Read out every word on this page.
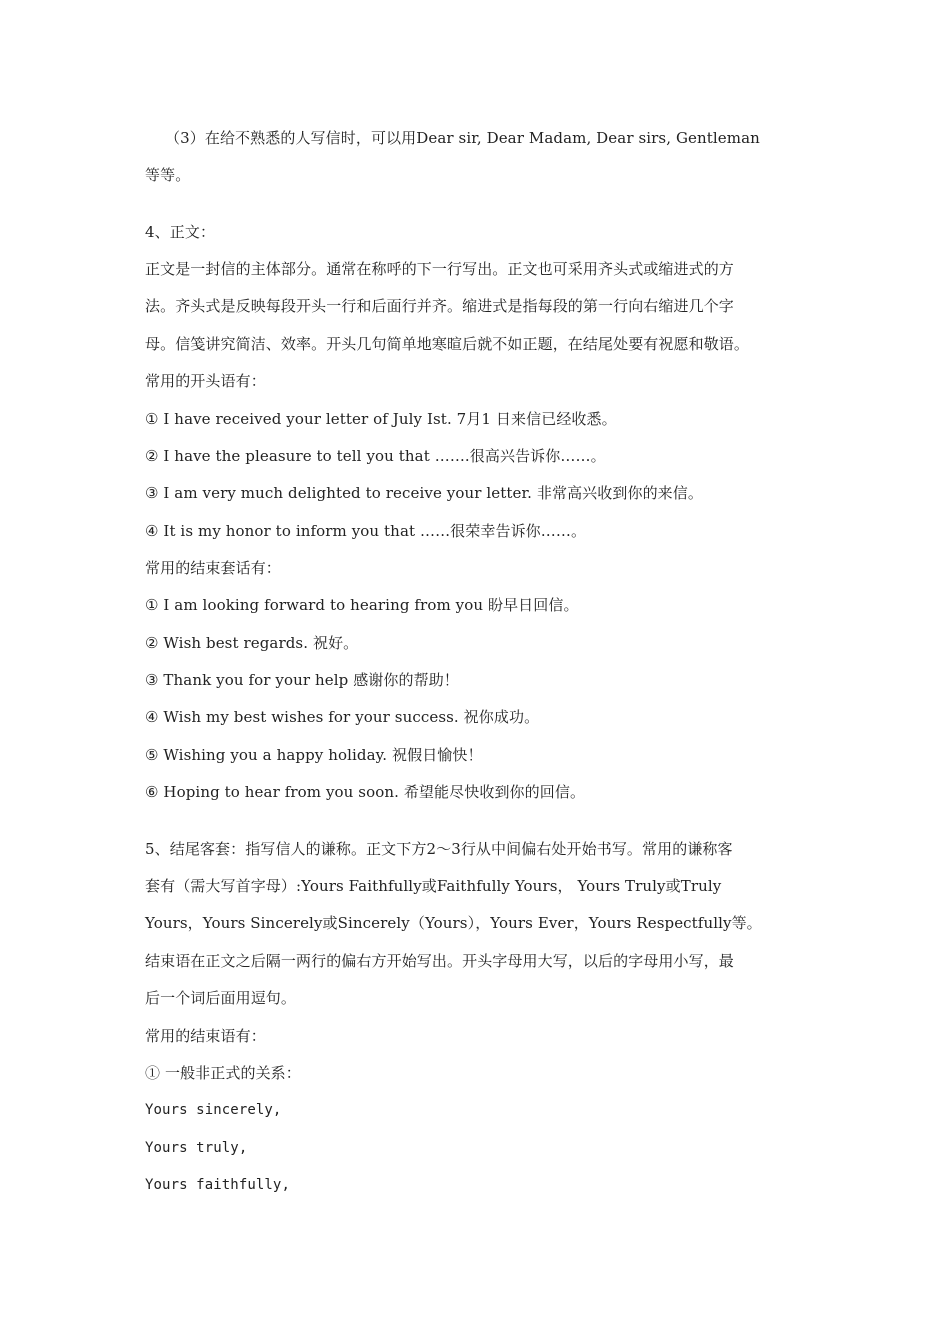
（3）在给不熟悉的人写信时，可以用Dear sir, Dear Madam, Dear sirs, Gentleman
等等。
4、正文：
正文是一封信的主体部分。通常在称呼的下一行写出。正文也可采用齐头式或缩进式的方
法。齐头式是反映每段开头一行和后面行并齐。缩进式是指每段的第一行向右缩进几个字
母。信笺讲究简洁、效率。开头几句简单地寒暄后就不如正题，在结尾处要有祝愿和敬语。
常用的开头语有：
① I have received your letter of July Ist. 7月1 日来信已经收悉。
② I have the pleasure to tell you that …….很高兴告诉你……。
③ I am very much delighted to receive your letter. 非常高兴收到你的来信。
④ It is my honor to inform you that ……很荣幸告诉你……。
常用的结束套话有：
① I am looking forward to hearing from you 盼早日回信。
② Wish best regards. 祝好。
③ Thank you for your help 感谢你的帮助！
④ Wish my best wishes for your success. 祝你成功。
⑤ Wishing you a happy holiday. 祝假日愉快！
⑥ Hoping to hear from you soon. 希望能尽快收到你的回信。
5、结尾客套：指写信人的谦称。正文下方2～3行从中间偏右处开始书写。常用的谦称客
套有（需大写首字母）:Yours Faithfully或Faithfully Yours， Yours Truly或Truly
Yours，Yours Sincerely或Sincerely（Yours），Yours Ever，Yours Respectfully等。
结束语在正文之后隔一两行的偏右方开始写出。开头字母用大写，以后的字母用小写，最
后一个词后面用逗句。
常用的结束语有：
① 一般非正式的关系：
Yours sincerely,
Yours truly,
Yours faithfully,
